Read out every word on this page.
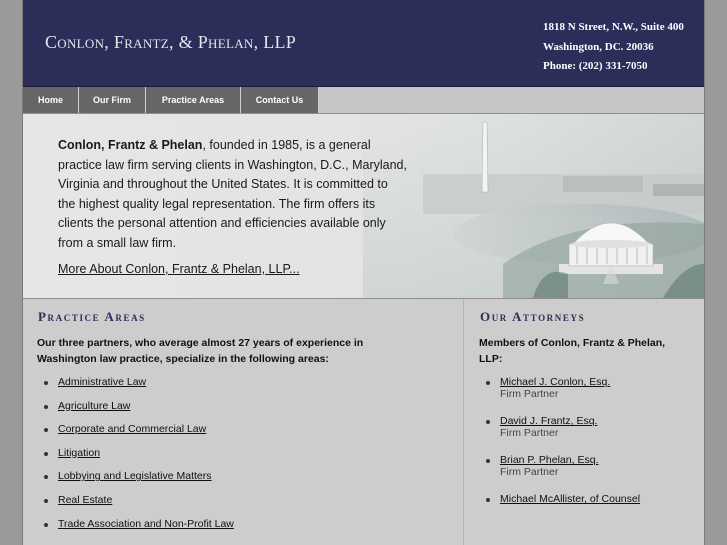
Conlon, Frantz, & Phelan, LLP
1818 N Street, N.W., Suite 400
Washington, DC. 20036
Phone: (202) 331-7050
Home	Our Firm	Practice Areas	Contact Us
Conlon, Frantz & Phelan, founded in 1985, is a general practice law firm serving clients in Washington, D.C., Maryland, Virginia and throughout the United States. It is committed to the highest quality legal representation. The firm offers its clients the personal attention and efficiencies available only from a small law firm.
More About Conlon, Frantz & Phelan, LLP...
Practice Areas
Our three partners, who average almost 27 years of experience in Washington law practice, specialize in the following areas:
Administrative Law
Agriculture Law
Corporate and Commercial Law
Litigation
Lobbying and Legislative Matters
Real Estate
Trade Association and Non-Profit Law
Our Attorneys
Members of Conlon, Frantz & Phelan, LLP:
Michael J. Conlon, Esq.
Firm Partner
David J. Frantz, Esq.
Firm Partner
Brian P. Phelan, Esq.
Firm Partner
Michael McAllister, of Counsel
